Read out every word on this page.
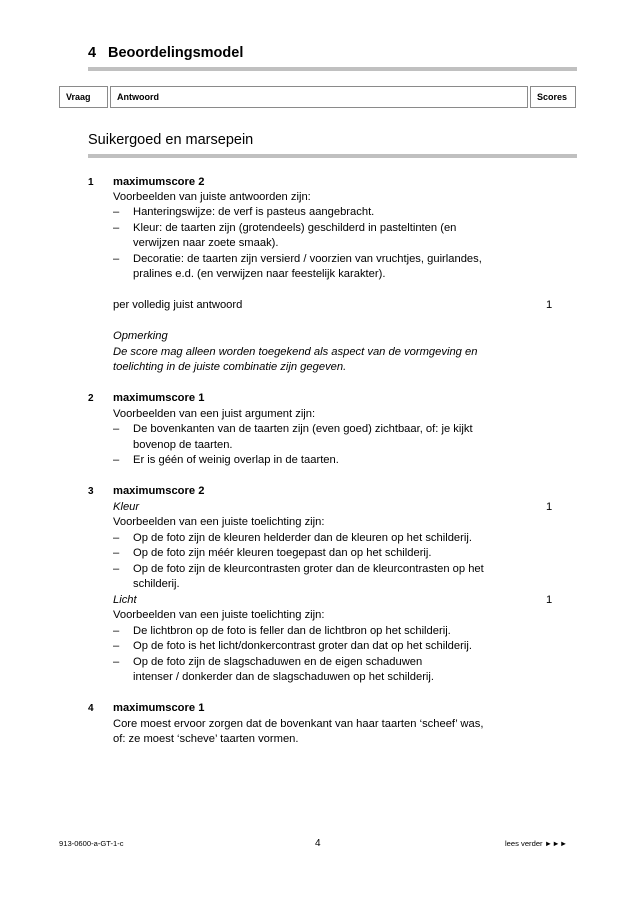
4 Beoordelingsmodel
Vraag	Antwoord	Scores
Suikergoed en marsepein
1 maximumscore 2
Voorbeelden van juiste antwoorden zijn:
– Hanteringswijze: de verf is pasteus aangebracht.
– Kleur: de taarten zijn (grotendeels) geschilderd in pasteltinten (en
verwijzen naar zoete smaak).
– Decoratie: de taarten zijn versierd / voorzien van vruchtjes, guirlandes,
pralines e.d. (en verwijzen naar feestelijk karakter).
per volledig juist antwoord	1
Opmerking
De score mag alleen worden toegekend als aspect van de vormgeving en
toelichting in de juiste combinatie zijn gegeven.
2 maximumscore 1
Voorbeelden van een juist argument zijn:
– De bovenkanten van de taarten zijn (even goed) zichtbaar, of: je kijkt
bovenop de taarten.
– Er is géén of weinig overlap in de taarten.
3 maximumscore 2
Kleur	1
Voorbeelden van een juiste toelichting zijn:
– Op de foto zijn de kleuren helderder dan de kleuren op het schilderij.
– Op de foto zijn méér kleuren toegepast dan op het schilderij.
– Op de foto zijn de kleurcontrasten groter dan de kleurcontrasten op het
schilderij.
Licht	1
Voorbeelden van een juiste toelichting zijn:
– De lichtbron op de foto is feller dan de lichtbron op het schilderij.
– Op de foto is het licht/donkercontrast groter dan dat op het schilderij.
– Op de foto zijn de slagschaduwen en de eigen schaduwen
intenser / donkerder dan de slagschaduwen op het schilderij.
4 maximumscore 1
Core moest ervoor zorgen dat de bovenkant van haar taarten ‘scheef’ was,
of: ze moest ‘scheve’ taarten vormen.
913-0600-a-GT-1-c	4	lees verder ►►►
